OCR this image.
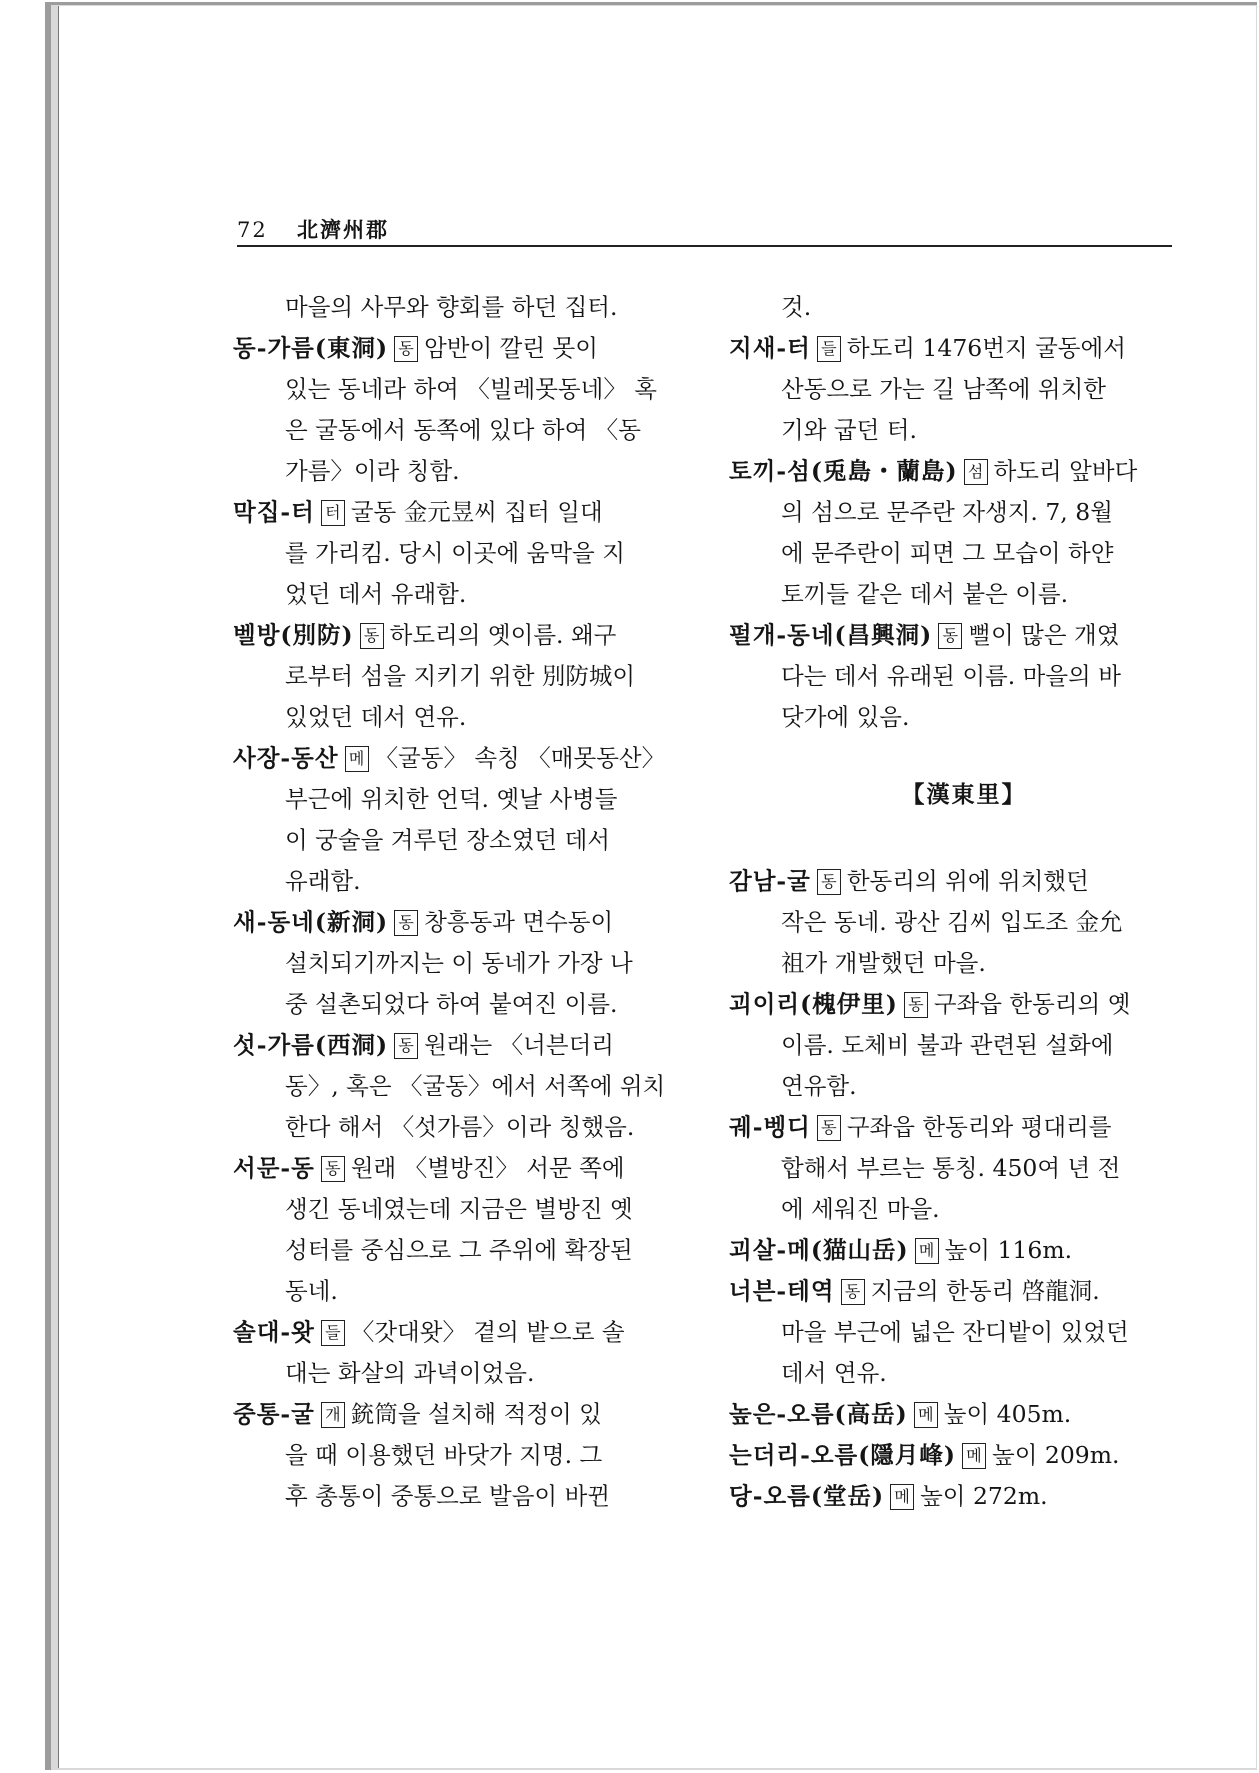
72 北濟州郡
마을의 사무와 향회를 하던 집터.
동-가름(東洞) 동 암반이 깔린 못이
있는 동네라 하여 〈빌레못동네〉 혹
은 굴동에서 동쪽에 있다 하여 〈동
가름〉이라 칭함.
막집-터 터 굴동 金元昱씨 집터 일대
를 가리킴. 당시 이곳에 움막을 지
었던 데서 유래함.
벨방(別防) 동 하도리의 옛이름. 왜구
로부터 섬을 지키기 위한 別防城이
있었던 데서 연유.
사장-동산 메 〈굴동〉 속칭 〈매못동산〉
부근에 위치한 언덕. 옛날 사병들
이 궁술을 겨루던 장소였던 데서
유래함.
새-동네(新洞) 동 창흥동과 면수동이
설치되기까지는 이 동네가 가장 나
중 설촌되었다 하여 붙여진 이름.
섯-가름(西洞) 동 원래는 〈너븐더리
동〉, 혹은 〈굴동〉에서 서쪽에 위치
한다 해서 〈섯가름〉이라 칭했음.
서문-동 동 원래 〈별방진〉 서문 쪽에
생긴 동네였는데 지금은 별방진 옛
성터를 중심으로 그 주위에 확장된
동네.
솔대-왓 들 〈갓대왓〉 곁의 밭으로 솔
대는 화살의 과녁이었음.
중통-굴 개 銃筒을 설치해 적정이 있
을 때 이용했던 바닷가 지명. 그
후 총통이 중통으로 발음이 바뀐
것.
지새-터 들 하도리 1476번지 굴동에서
산동으로 가는 길 남쪽에 위치한
기와 굽던 터.
토끼-섬(兎島・蘭島) 섬 하도리 앞바다
의 섬으로 문주란 자생지. 7, 8월
에 문주란이 피면 그 모습이 하얀
토끼들 같은 데서 붙은 이름.
펄개-동네(昌興洞) 동 뻘이 많은 개였
다는 데서 유래된 이름. 마을의 바
닷가에 있음.
【漢東里】
감남-굴 동 한동리의 위에 위치했던
작은 동네. 광산 김씨 입도조 金允
祖가 개발했던 마을.
괴이리(槐伊里) 동 구좌읍 한동리의 옛
이름. 도체비 불과 관련된 설화에
연유함.
궤-벵디 동 구좌읍 한동리와 평대리를
합해서 부르는 통칭. 450여 년 전
에 세워진 마을.
괴살-메(猫山岳) 메 높이 116m.
너븐-테역 동 지금의 한동리 啓龍洞.
마을 부근에 넓은 잔디밭이 있었던
데서 연유.
높은-오름(高岳) 메 높이 405m.
는더리-오름(隱月峰) 메 높이 209m.
당-오름(堂岳) 메 높이 272m.
